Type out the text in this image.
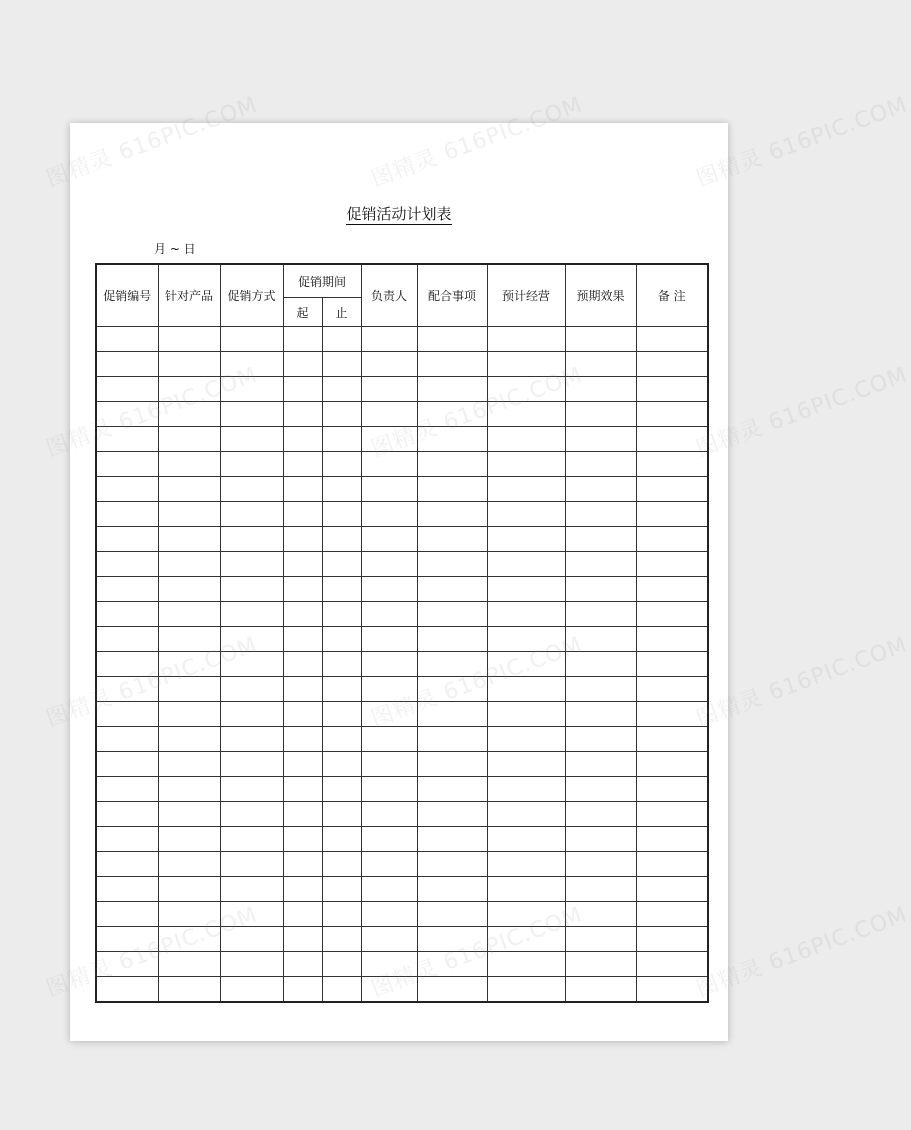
促销活动计划表
月 ~ 日
促销编号	针对产品	促销方式	促销期间		负责人	配合事项	预计经营	预期效果	备 注
			起	止					

图精灵 616PIC.COM
图精灵 616PIC.COM
图精灵 616PIC.COM
图精灵 616PIC.COM
